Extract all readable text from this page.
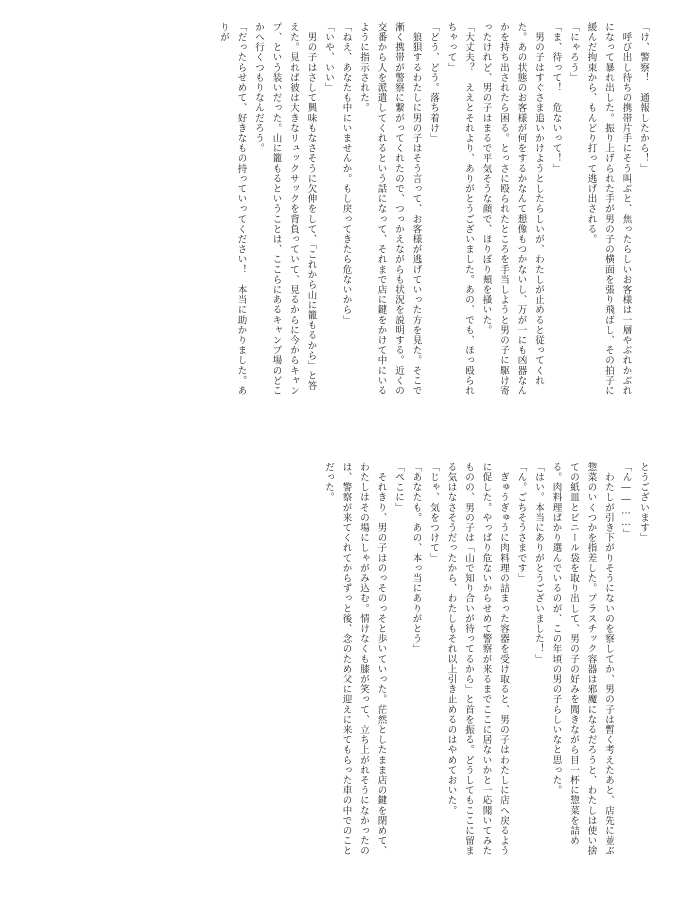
「け、警察！　通報したから！」

　呼び出し待ちの携帯片手にそう叫ぶと、焦ったらしいお客様は一層やぶれかぶれになって暴れ出した。振り上げられた手が男の子の横面を張り飛ばし、その拍子に緩んだ拘束から、もんどり打って逃げ出される。

「にゃろう」

「ま、待って！　危ないって！」

　男の子はすぐさま追いかけようとしたらしいが、わたしが止めると従ってくれた。あの状態のお客様が何をするかなんて想像もつかないし、万が一にも凶器なんかを持ち出されたら困る。とっさに殴られたところを手当しようと男の子に駆け寄ったけれど、男の子はまるで平気そうな顔で、ほりぼり頬を掻いた。

「大丈夫？　ええとそれより、ありがとうございました。あの、でも、ほっ殴られちゃって」

「どう、どう。落ち着け」

　狼狽するわたしに男の子はそう言って、お客様が逃げていった方を見た。そこで漸く携帯が警察に繋がってくれたので、つっかえながらも状況を説明する。近くの交番から人を派遣してくれるという話になって、それまで店に鍵をかけて中にいるように指示された。

「ねえ、あなたも中にいませんか。もし戻ってきたら危ないから」

「いや、いい」

　男の子はさして興味もなさそうに欠伸をして、「これから山に籠もるから」と答えた。見れば彼は大きなリュックサックを背負っていて、見るからに今からキャンプ、という装いだった。山に籠もるということは、ここらにあるキャンプ場のどこかへ行くつもりなんだろう。

「だったらせめて、好きなもの持っていってください！　本当に助かりました。ありが

とうございます」

「ん――……」

　わたしが引き下がりそうにないのを察してか、男の子は暫く考えたあと、店先に並ぶ惣菜のいくつかを指差した。プラスチック容器は邪魔になるだろうと、わたしは使い捨ての紙皿とビニール袋を取り出して、男の子の好みを聞きながら目一杯に惣菜を詰める。肉料理ばかり選んでいるのが、この年頃の男の子らしいなと思った。

「はい。本当にありがとうございました！」

「ん。ごちそうさまです」

　ぎゅうぎゅうに肉料理の詰まった容器を受け取ると、男の子はわたしに店へ戻るように促した。やっぱり危ないからせめて警察が来るまでここに居ないかと一応聞いてみたものの、男の子は「山で知り合いが待ってるから」と首を振る。どうしてもここに留まる気はなさそうだったから、わたしもそれ以上引き止めるのはやめておいた。

「じゃ、気をつけて」

「あなたも。あの、本っ当にありがとう」

「ぺこに」

　それきり、男の子はのっそのっそと歩いていった。茫然としたまま店の鍵を閉めて、わたしはその場にしゃがみ込む。情けなくも膝が笑って、立ち上がれそうになかったのは、警察が来てくれてからずっと後、念のため父に迎えに来てもらった車の中でのことだった。
